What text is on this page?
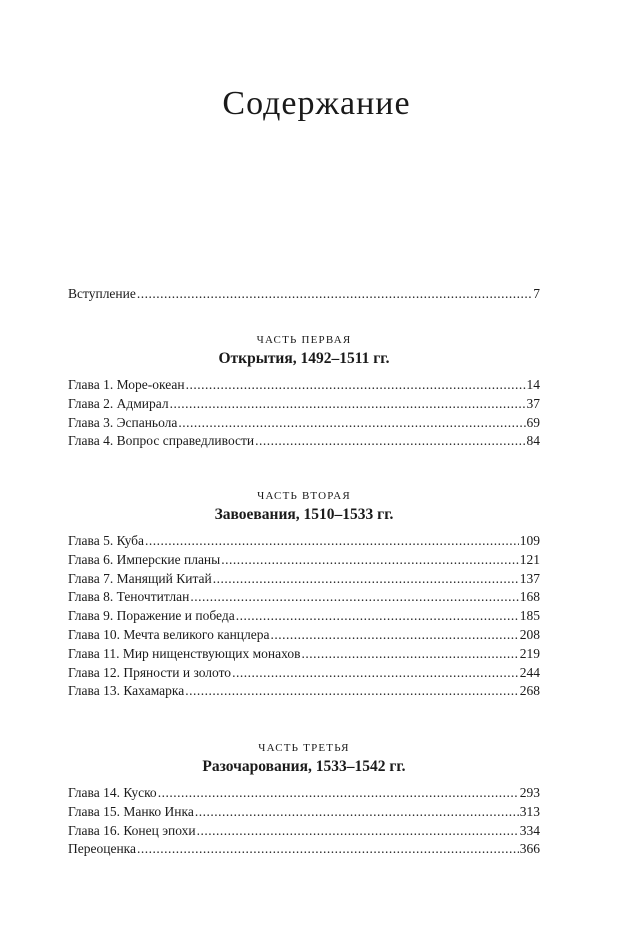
Содержание
Вступление .....	7
ЧАСТЬ ПЕРВАЯ
Открытия, 1492–1511 гг.
Глава 1. Море-океан .....	14
Глава 2. Адмирал .....	37
Глава 3. Эспаньола .....	69
Глава 4. Вопрос справедливости .....	84
ЧАСТЬ ВТОРАЯ
Завоевания, 1510–1533 гг.
Глава 5. Куба .....	109
Глава 6. Имперские планы .....	121
Глава 7. Манящий Китай .....	137
Глава 8. Теночтитлан .....	168
Глава 9. Поражение и победа .....	185
Глава 10. Мечта великого канцлера .....	208
Глава 11. Мир нищенствующих монахов .....	219
Глава 12. Пряности и золото .....	244
Глава 13. Кахамарка .....	268
ЧАСТЬ ТРЕТЬЯ
Разочарования, 1533–1542 гг.
Глава 14. Куско .....	293
Глава 15. Манко Инка .....	313
Глава 16. Конец эпохи .....	334
Переоценка .....	366
